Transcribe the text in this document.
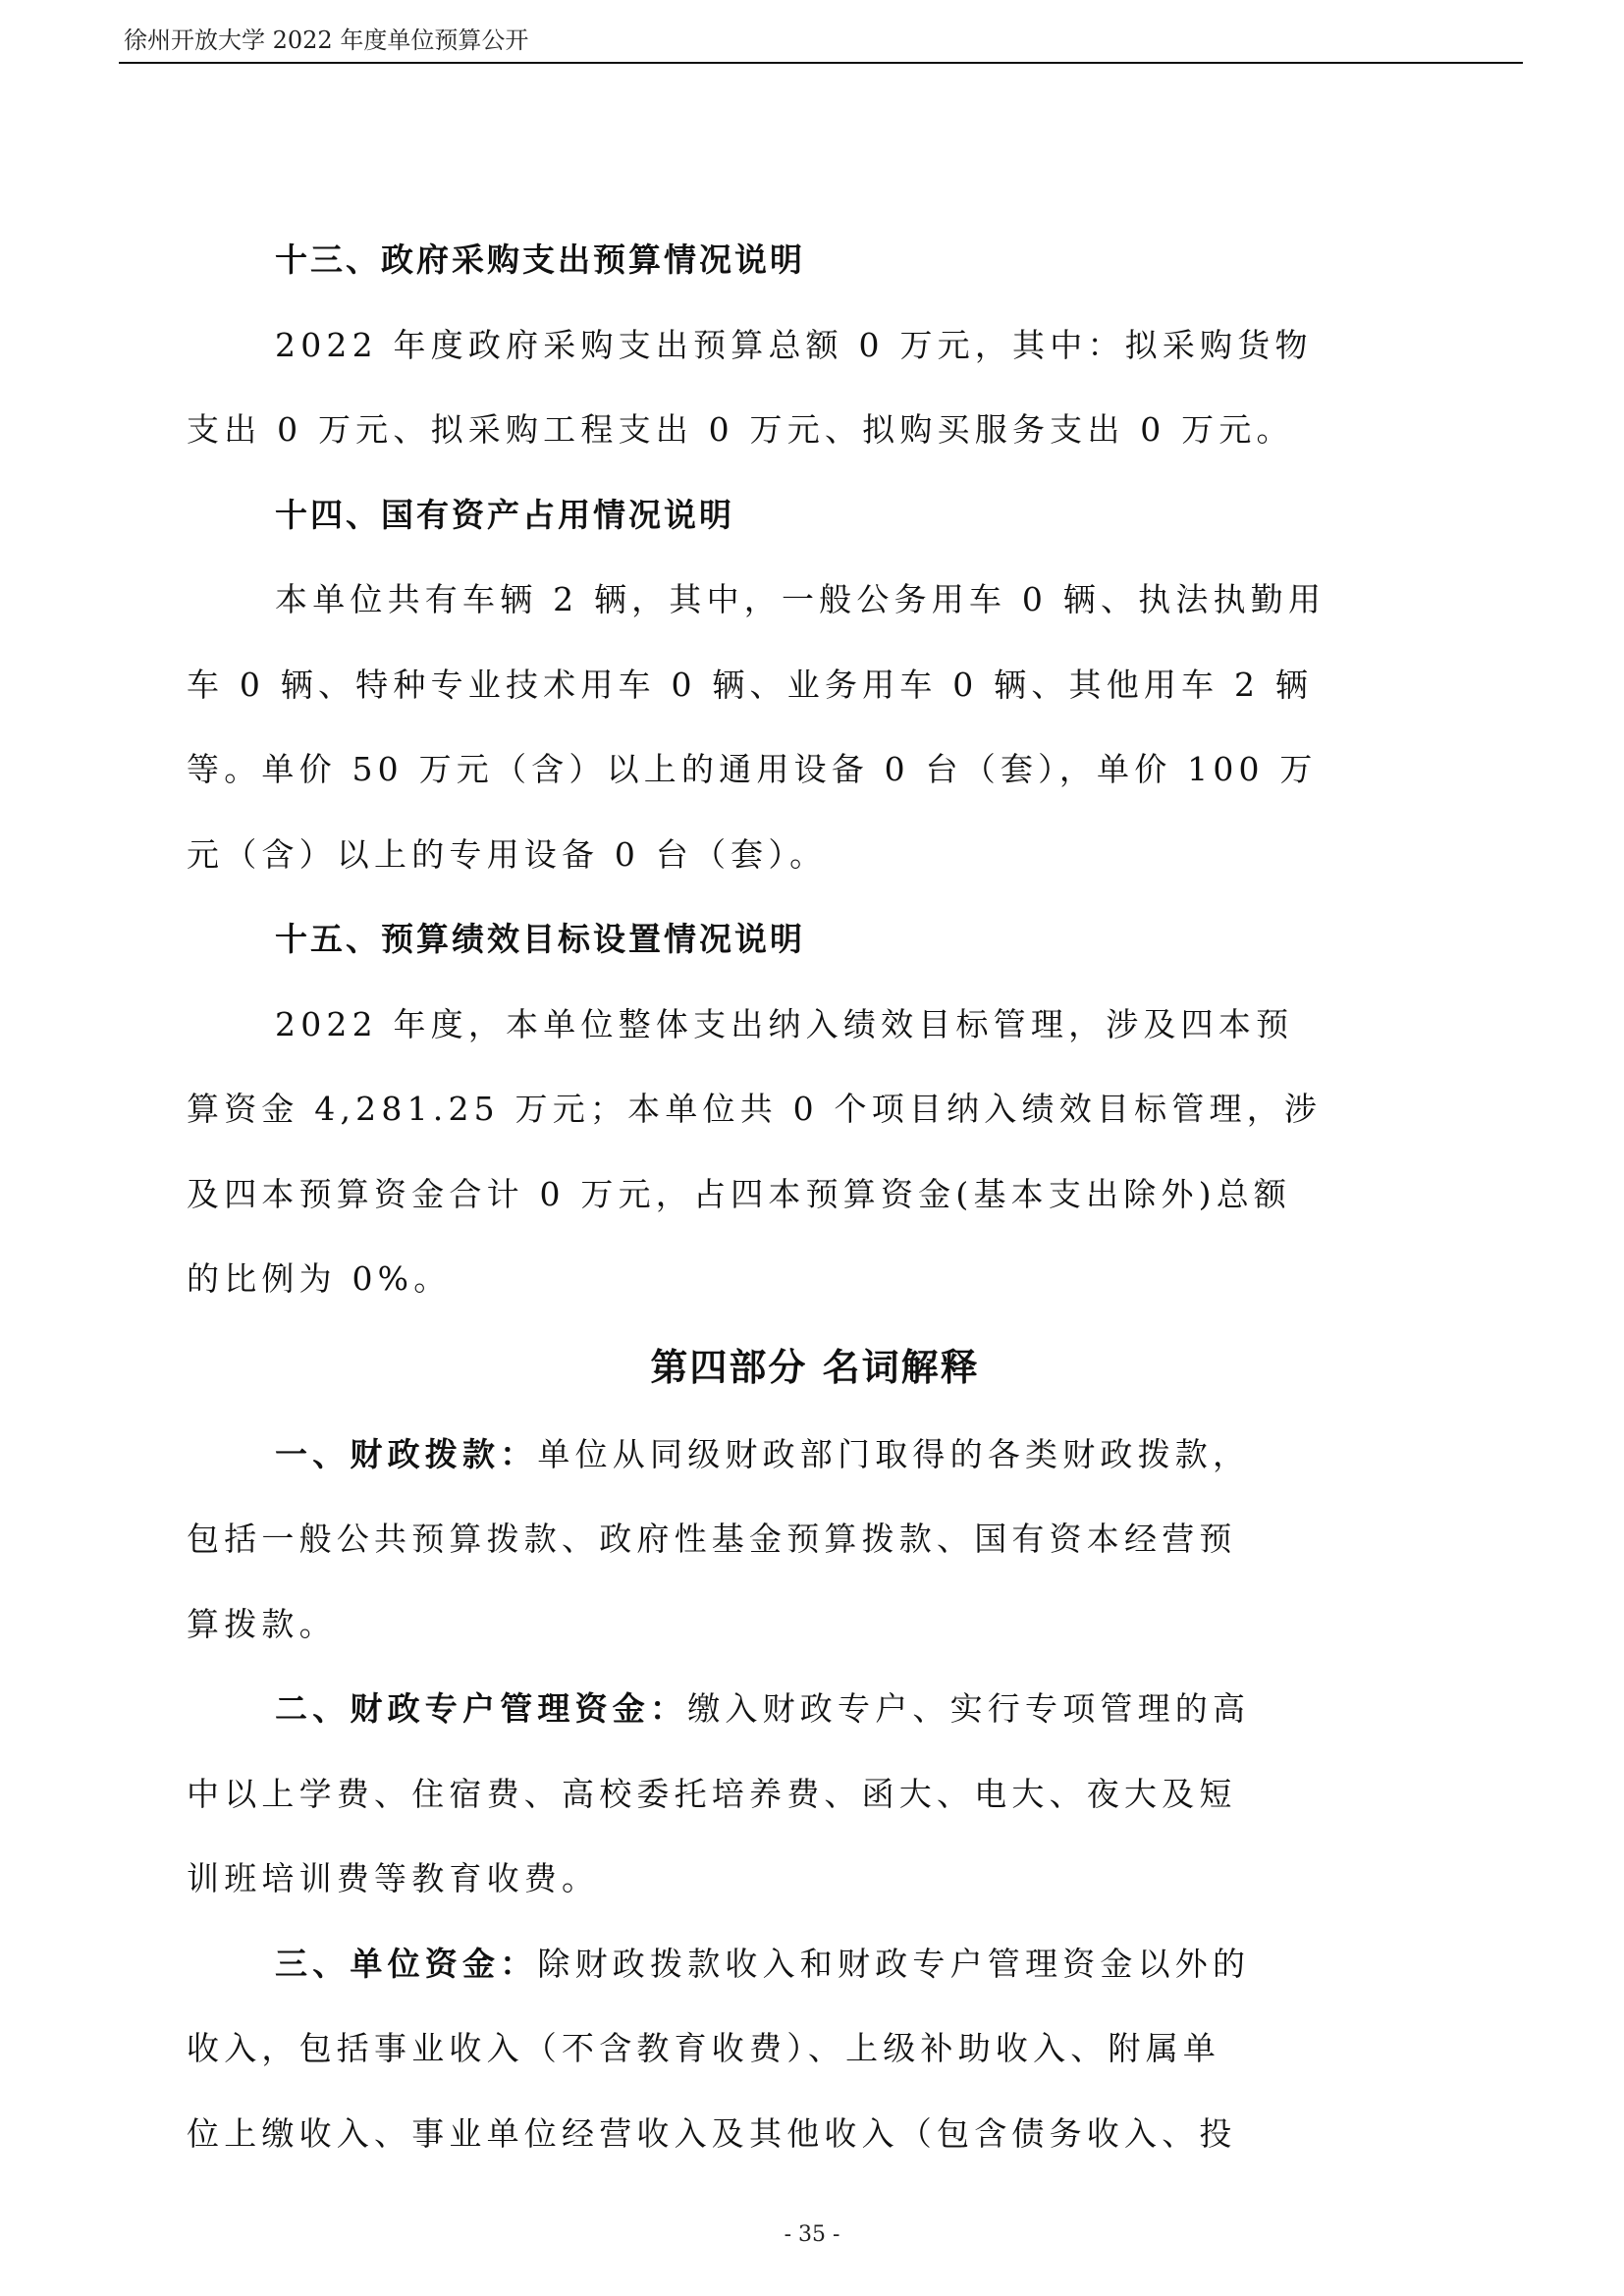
徐州开放大学 2022 年度单位预算公开
十三、政府采购支出预算情况说明
2022 年度政府采购支出预算总额 0 万元，其中：拟采购货物
支出 0 万元、拟采购工程支出 0 万元、拟购买服务支出 0 万元。
十四、国有资产占用情况说明
本单位共有车辆 2 辆，其中，一般公务用车 0 辆、执法执勤用
车 0 辆、特种专业技术用车 0 辆、业务用车 0 辆、其他用车 2 辆
等。单价 50 万元（含）以上的通用设备 0 台（套），单价 100 万
元（含）以上的专用设备 0 台（套）。
十五、预算绩效目标设置情况说明
2022 年度，本单位整体支出纳入绩效目标管理，涉及四本预
算资金 4,281.25 万元；本单位共 0 个项目纳入绩效目标管理，涉
及四本预算资金合计 0 万元，占四本预算资金(基本支出除外)总额
的比例为 0%。
第四部分 名词解释
一、财政拨款：单位从同级财政部门取得的各类财政拨款，
包括一般公共预算拨款、政府性基金预算拨款、国有资本经营预
算拨款。
二、财政专户管理资金：缴入财政专户、实行专项管理的高
中以上学费、住宿费、高校委托培养费、函大、电大、夜大及短
训班培训费等教育收费。
三、单位资金：除财政拨款收入和财政专户管理资金以外的
收入，包括事业收入（不含教育收费）、上级补助收入、附属单
位上缴收入、事业单位经营收入及其他收入（包含债务收入、投
- 35 -
